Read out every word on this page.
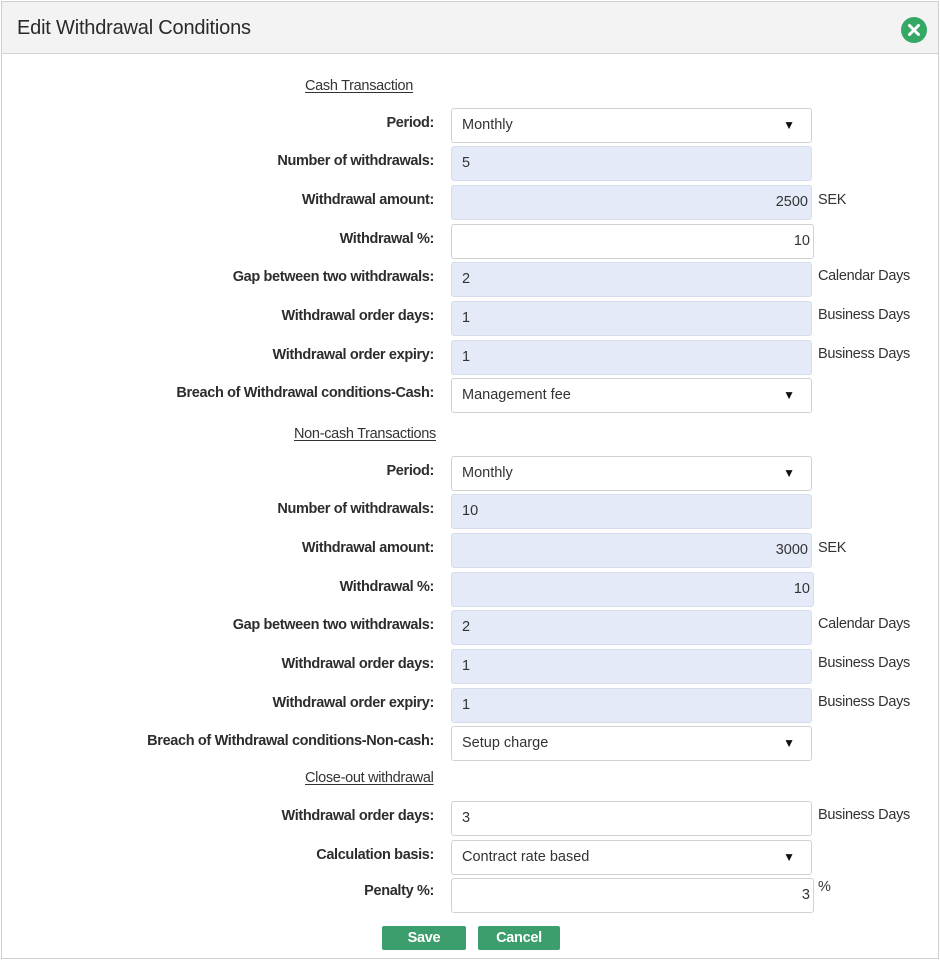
Edit Withdrawal Conditions
Cash Transaction
Period:	Monthly	▼
Number of withdrawals:	5
Withdrawal amount:	2500 SEK
Withdrawal %:	10
Gap between two withdrawals:	2	Calendar Days
Withdrawal order days:	1	Business Days
Withdrawal order expiry:	1	Business Days
Breach of Withdrawal conditions-Cash:	Management fee	▼
Non-cash Transactions
Period:	Monthly	▼
Number of withdrawals:	10
Withdrawal amount:	3000 SEK
Withdrawal %:	10
Gap between two withdrawals:	2	Calendar Days
Withdrawal order days:	1	Business Days
Withdrawal order expiry:	1	Business Days
Breach of Withdrawal conditions-Non-cash:	Setup charge	▼
Close-out withdrawal
Withdrawal order days:	3	Business Days
Calculation basis:	Contract rate based	▼
Penalty %:	3 %
Save	Cancel
